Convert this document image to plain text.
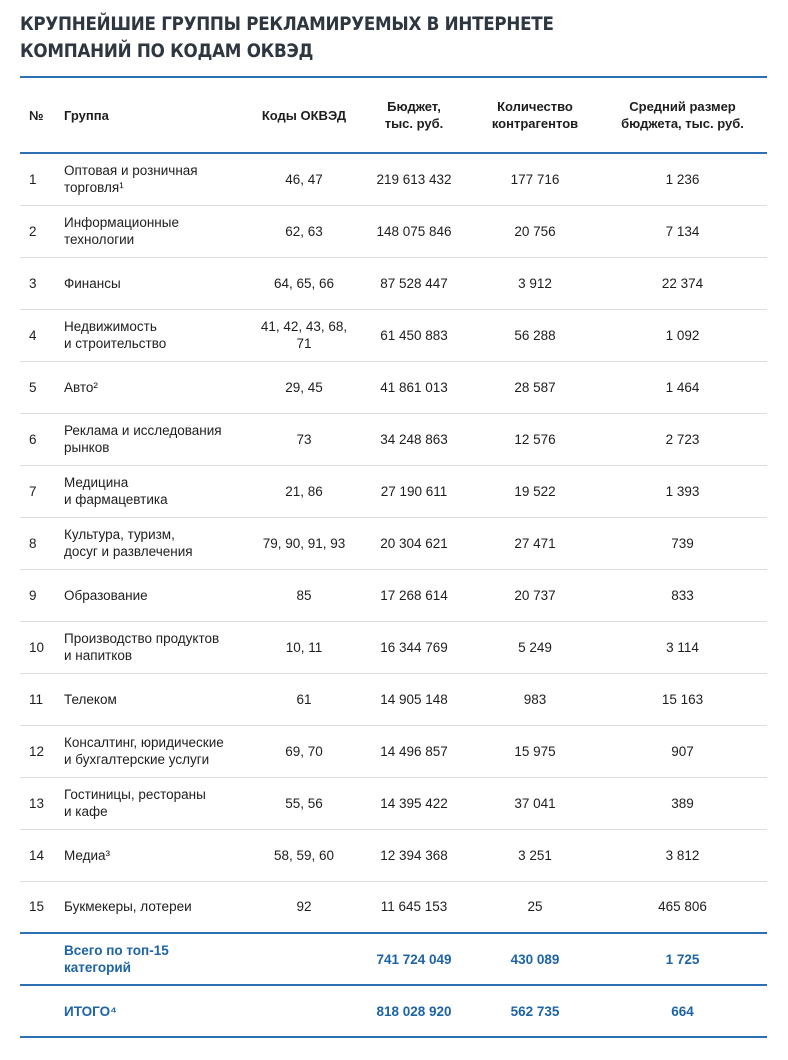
КРУПНЕЙШИЕ ГРУППЫ РЕКЛАМИРУЕМЫХ В ИНТЕРНЕТЕ
КОМПАНИЙ ПО КОДАМ ОКВЭД
№	Группа	Коды ОКВЭД	Бюджет,
тыс. руб.	Количество
контрагентов	Средний размер
бюджета, тыс. руб.
1	Оптовая и розничная
торговля¹	46, 47	219 613 432	177 716	1 236
2	Информационные
технологии	62, 63	148 075 846	20 756	7 134
3	Финансы	64, 65, 66	87 528 447	3 912	22 374
4	Недвижимость
и строительство	41, 42, 43, 68, 71	61 450 883	56 288	1 092
5	Авто²	29, 45	41 861 013	28 587	1 464
6	Реклама и исследования
рынков	73	34 248 863	12 576	2 723
7	Медицина
и фармацевтика	21, 86	27 190 611	19 522	1 393
8	Культура, туризм,
досуг и развлечения	79, 90, 91, 93	20 304 621	27 471	739
9	Образование	85	17 268 614	20 737	833
10	Производство продуктов
и напитков	10, 11	16 344 769	5 249	3 114
11	Телеком	61	14 905 148	983	15 163
12	Консалтинг, юридические
и бухгалтерские услуги	69, 70	14 496 857	15 975	907
13	Гостиницы, рестораны
и кафе	55, 56	14 395 422	37 041	389
14	Медиа³	58, 59, 60	12 394 368	3 251	3 812
15	Букмекеры, лотереи	92	11 645 153	25	465 806
	Всего по топ-15
категорий		741 724 049	430 089	1 725
	ИТОГО⁴		818 028 920	562 735	664
